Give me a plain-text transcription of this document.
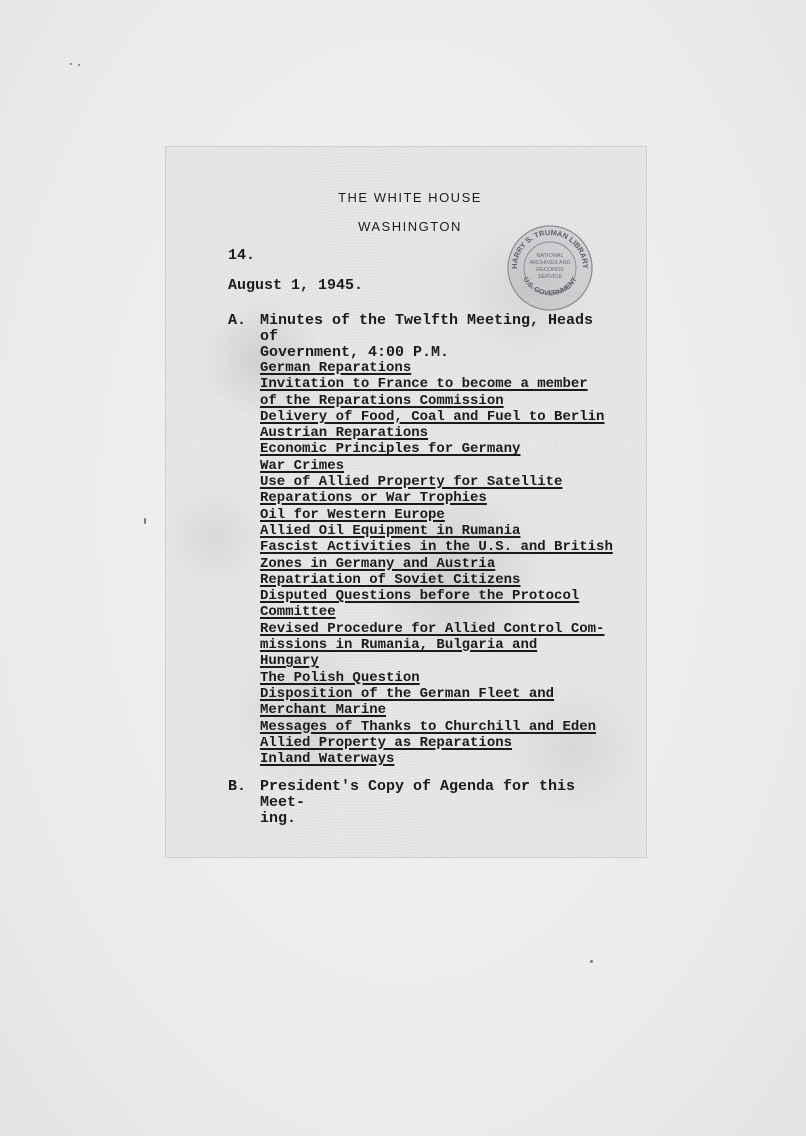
THE WHITE HOUSE
WASHINGTON
14.
August 1, 1945.
A. Minutes of the Twelfth Meeting, Heads of
Government, 4:00 P.M.
German Reparations
Invitation to France to become a member
of the Reparations Commission
Delivery of Food, Coal and Fuel to Berlin
Austrian Reparations
Economic Principles for Germany
War Crimes
Use of Allied Property for Satellite
Reparations or War Trophies
Oil for Western Europe
Allied Oil Equipment in Rumania
Fascist Activities in the U.S. and British
Zones in Germany and Austria
Repatriation of Soviet Citizens
Disputed Questions before the Protocol
Committee
Revised Procedure for Allied Control Com-
missions in Rumania, Bulgaria and
Hungary
The Polish Question
Disposition of the German Fleet and
Merchant Marine
Messages of Thanks to Churchill and Eden
Allied Property as Reparations
Inland Waterways
B. President's Copy of Agenda for this Meet-
ing.
HARRY S. TRUMAN LIBRARY
U.S. GOVERNMENT
NATIONAL
ARCHIVES AND
RECORDS
SERVICE
